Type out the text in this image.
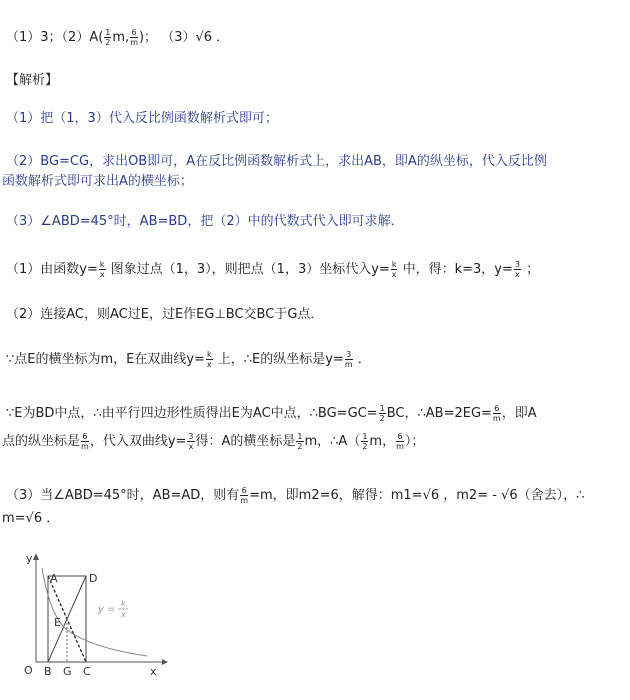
（1）3；$(2)A( \frac{1}{2} m$, $\frac{6}{m}$ )； （3）√6 ．
【解析】
（1）把（1，3）代入反比例函数解析式即可；
（2）BG=CG，求出OB即可，A在反比例函数解析式上，求出AB，即A的纵坐标，代入反比例
函数解析式即可求出A的横坐标；
（3）∠ABD=45°时，AB=BD，把（2）中的代数式代入即可求解．
（1）由函数$y= \frac{k}{x}$ 图象过点（1，3），则把点（1，3）坐标代入$y= \frac{k}{x}$ 中，得：k=3，$y= \frac{3}{x}$ ；
（2）连接AC，则AC过E，过E作EG⊥BC交BC于G点．
∵点E的横坐标为m，E在双曲线$y= \frac{k}{x}$ 上，∴E的纵坐标是$y= \frac{3}{m}$ ．
∵E为BD中点，∴由平行四边形性质得出E为AC中点，∴BG=GC= $\frac{1}{2}$ BC，∴AB=2EG= $\frac{6}{m}$ ，即A
点的纵坐标是 $\frac{6}{m}$ ，代入双曲线$y= \frac{3}{x}$ 得：A的横坐标是 $\frac{1}{2}$ m，∴A（ $\frac{1}{2}$ m， $\frac{6}{m}$ ）；
（3）当∠ABD=45°时，AB=AD，则有 $\frac{6}{m} =m$，即m2=6，解得：m1=√6 ，m2= - √6（舍去），∴
m=√6 ．
y
A	D
E
O B G C	x
y =
k
x
